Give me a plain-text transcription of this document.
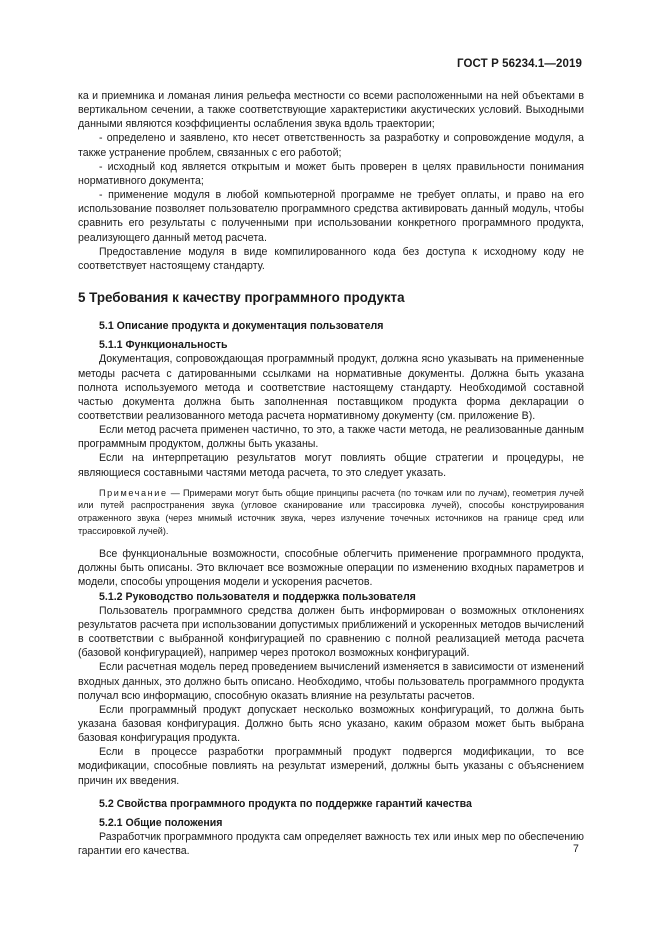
ГОСТ Р 56234.1—2019

ка и приемника и ломаная линия рельефа местности со всеми расположенными на ней объектами в вертикальном сечении, а также соответствующие характеристики акустических условий. Выходными данными являются коэффициенты ослабления звука вдоль траектории;

- определено и заявлено, кто несет ответственность за разработку и сопровождение модуля, а также устранение проблем, связанных с его работой;

- исходный код является открытым и может быть проверен в целях правильности понимания нормативного документа;

- применение модуля в любой компьютерной программе не требует оплаты, и право на его использование позволяет пользователю программного средства активировать данный модуль, чтобы сравнить его результаты с полученными при использовании конкретного программного продукта, реализующего данный метод расчета.

Предоставление модуля в виде компилированного кода без доступа к исходному коду не соответствует настоящему стандарту.

5 Требования к качеству программного продукта

5.1 Описание продукта и документация пользователя

5.1.1 Функциональность

Документация, сопровождающая программный продукт, должна ясно указывать на примененные методы расчета с датированными ссылками на нормативные документы. Должна быть указана полнота используемого метода и соответствие настоящему стандарту. Необходимой составной частью документа должна быть заполненная поставщиком продукта форма декларации о соответствии реализованного метода расчета нормативному документу (см. приложение В).

Если метод расчета применен частично, то это, а также части метода, не реализованные данным программным продуктом, должны быть указаны.

Если на интерпретацию результатов могут повлиять общие стратегии и процедуры, не являющиеся составными частями метода расчета, то это следует указать.

Примечание — Примерами могут быть общие принципы расчета (по точкам или по лучам), геометрия лучей или путей распространения звука (угловое сканирование или трассировка лучей), способы конструирования отраженного звука (через мнимый источник звука, через излучение точечных источников на границе сред или трассировкой лучей).

Все функциональные возможности, способные облегчить применение программного продукта, должны быть описаны. Это включает все возможные операции по изменению входных параметров и модели, способы упрощения модели и ускорения расчетов.

5.1.2 Руководство пользователя и поддержка пользователя

Пользователь программного средства должен быть информирован о возможных отклонениях результатов расчета при использовании допустимых приближений и ускоренных методов вычислений в соответствии с выбранной конфигурацией по сравнению с полной реализацией метода расчета (базовой конфигурацией), например через протокол возможных конфигураций.

Если расчетная модель перед проведением вычислений изменяется в зависимости от изменений входных данных, это должно быть описано. Необходимо, чтобы пользователь программного продукта получал всю информацию, способную оказать влияние на результаты расчетов.

Если программный продукт допускает несколько возможных конфигураций, то должна быть указана базовая конфигурация. Должно быть ясно указано, каким образом может быть выбрана базовая конфигурация продукта.

Если в процессе разработки программный продукт подвергся модификации, то все модификации, способные повлиять на результат измерений, должны быть указаны с объяснением причин их введения.

5.2 Свойства программного продукта по поддержке гарантий качества

5.2.1 Общие положения

Разработчик программного продукта сам определяет важность тех или иных мер по обеспечению гарантии его качества.	7
